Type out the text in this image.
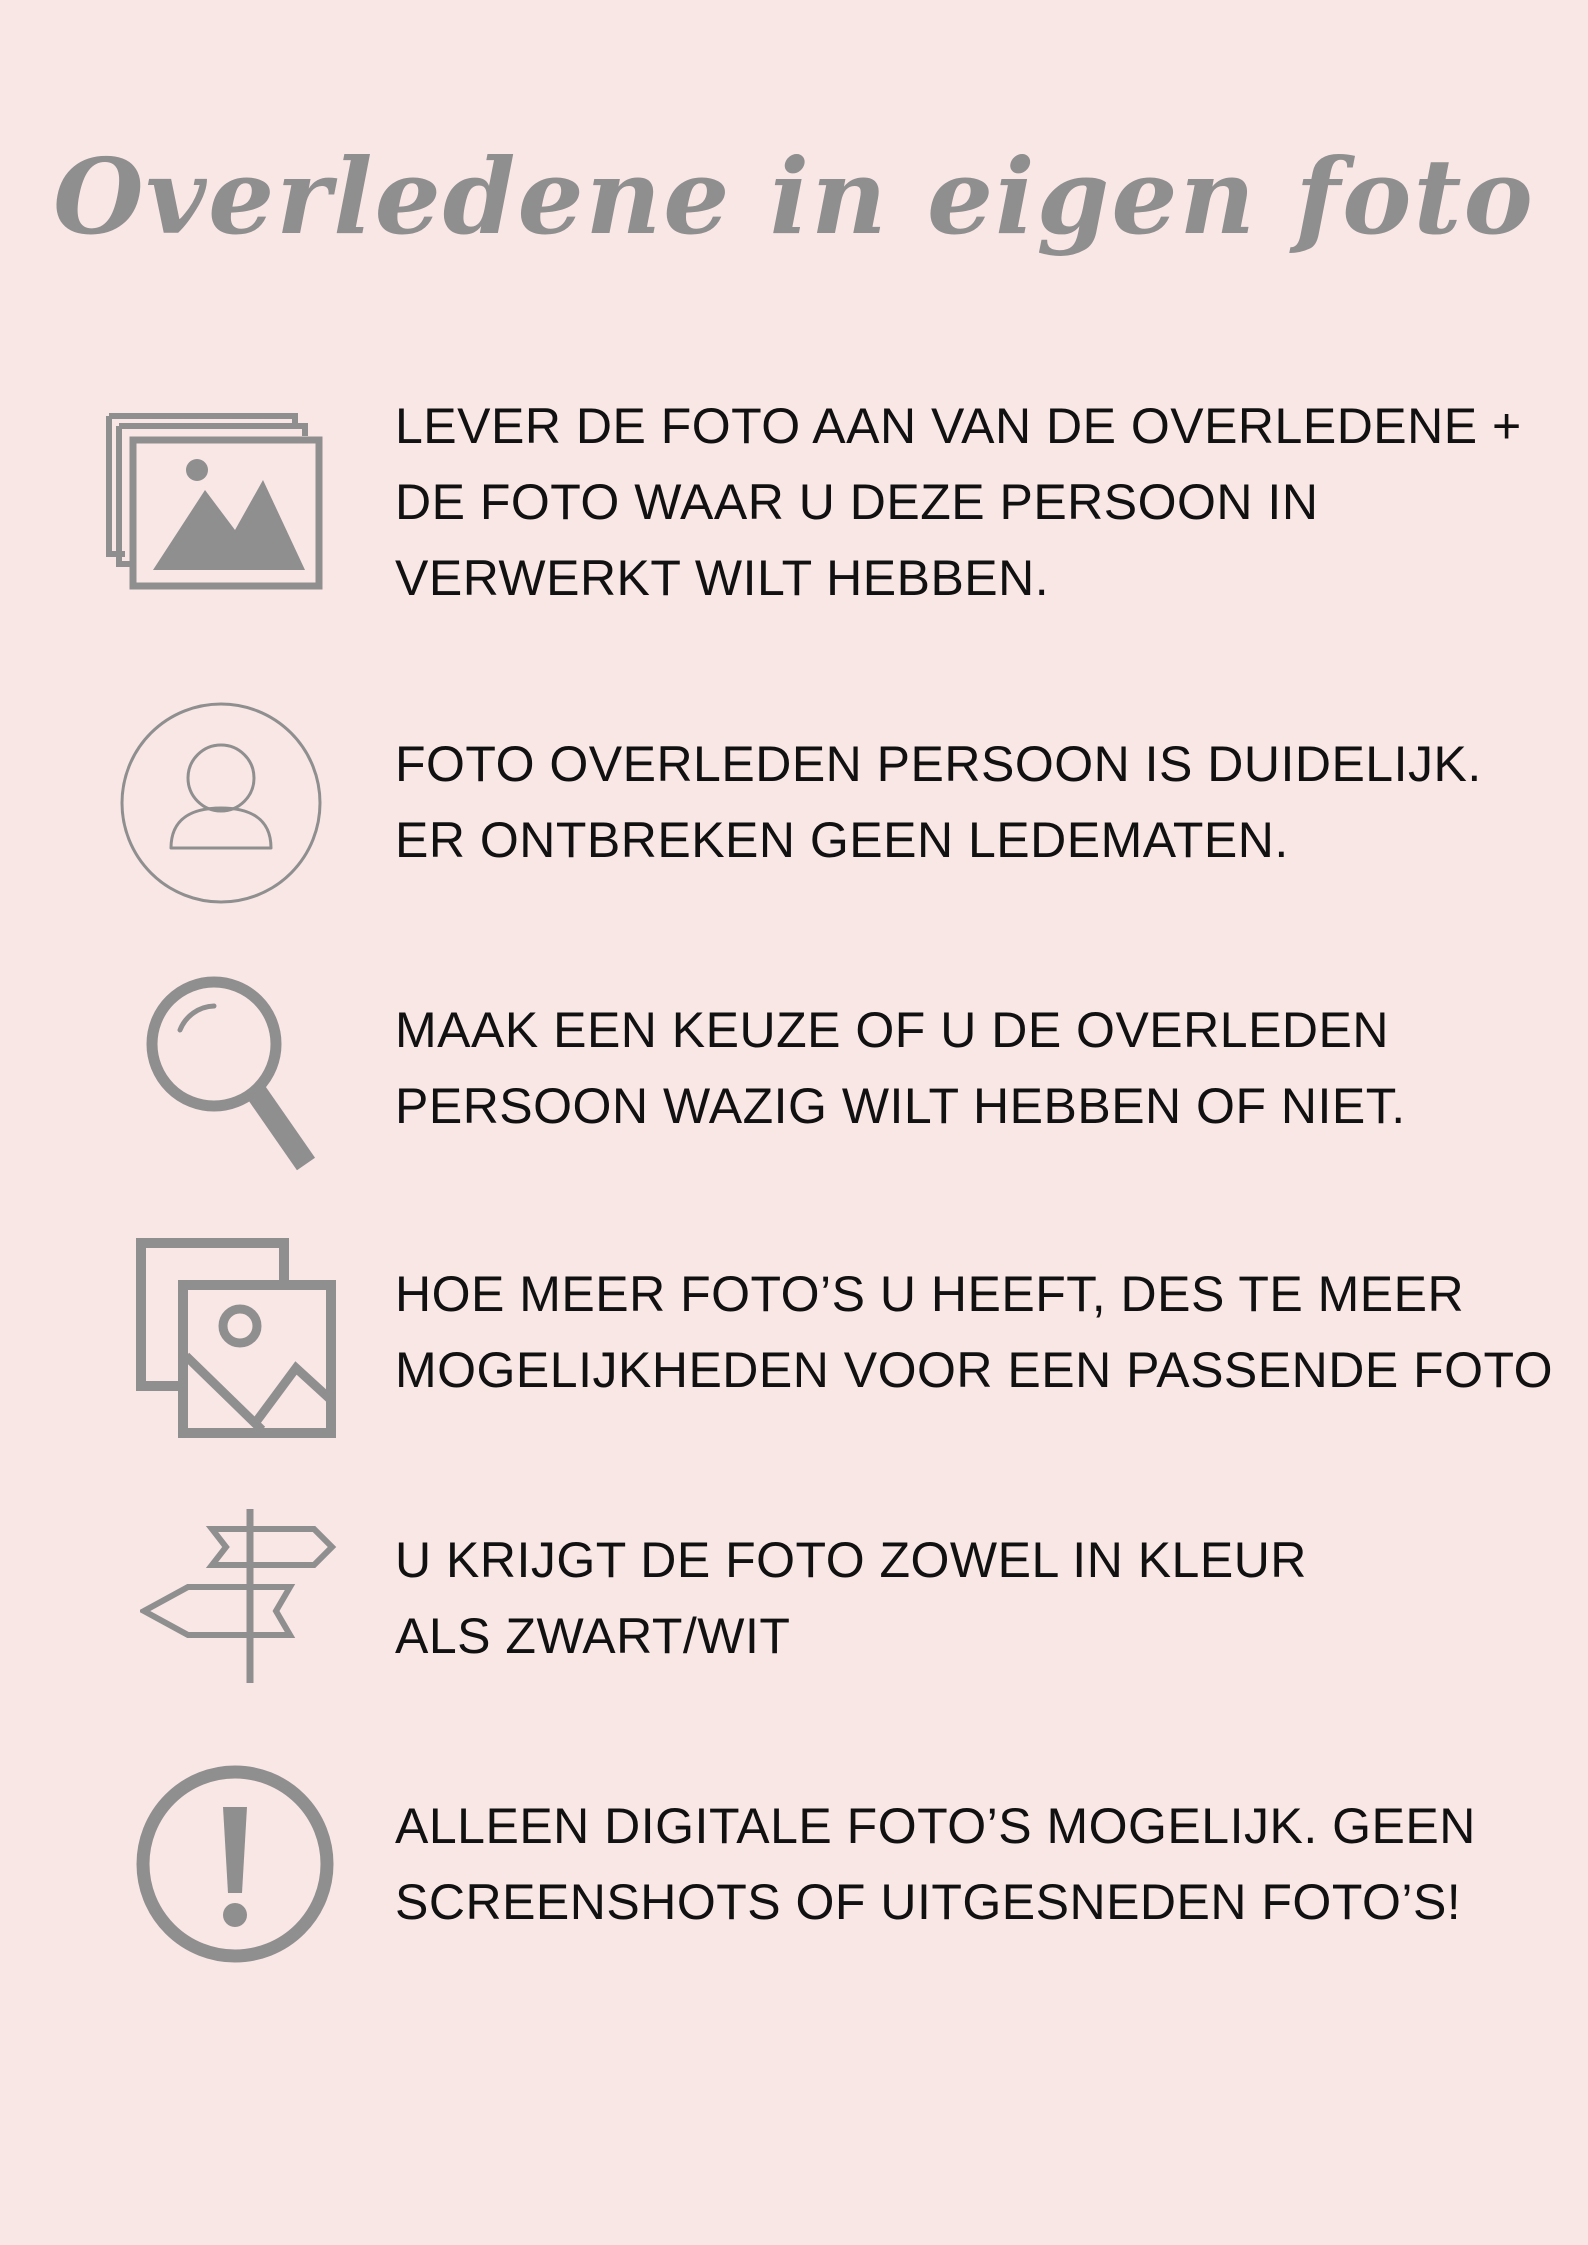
Overledene in eigen foto

LEVER DE FOTO AAN VAN DE OVERLEDENE +
DE FOTO WAAR U DEZE PERSOON IN
VERWERKT WILT HEBBEN.

FOTO OVERLEDEN PERSOON IS DUIDELIJK.
ER ONTBREKEN GEEN LEDEMATEN.

MAAK EEN KEUZE OF U DE OVERLEDEN
PERSOON WAZIG WILT HEBBEN OF NIET.

HOE MEER FOTO’S U HEEFT, DES TE MEER
MOGELIJKHEDEN VOOR EEN PASSENDE FOTO

U KRIJGT DE FOTO ZOWEL IN KLEUR
ALS ZWART/WIT

ALLEEN DIGITALE FOTO’S MOGELIJK. GEEN
SCREENSHOTS OF UITGESNEDEN FOTO’S!
